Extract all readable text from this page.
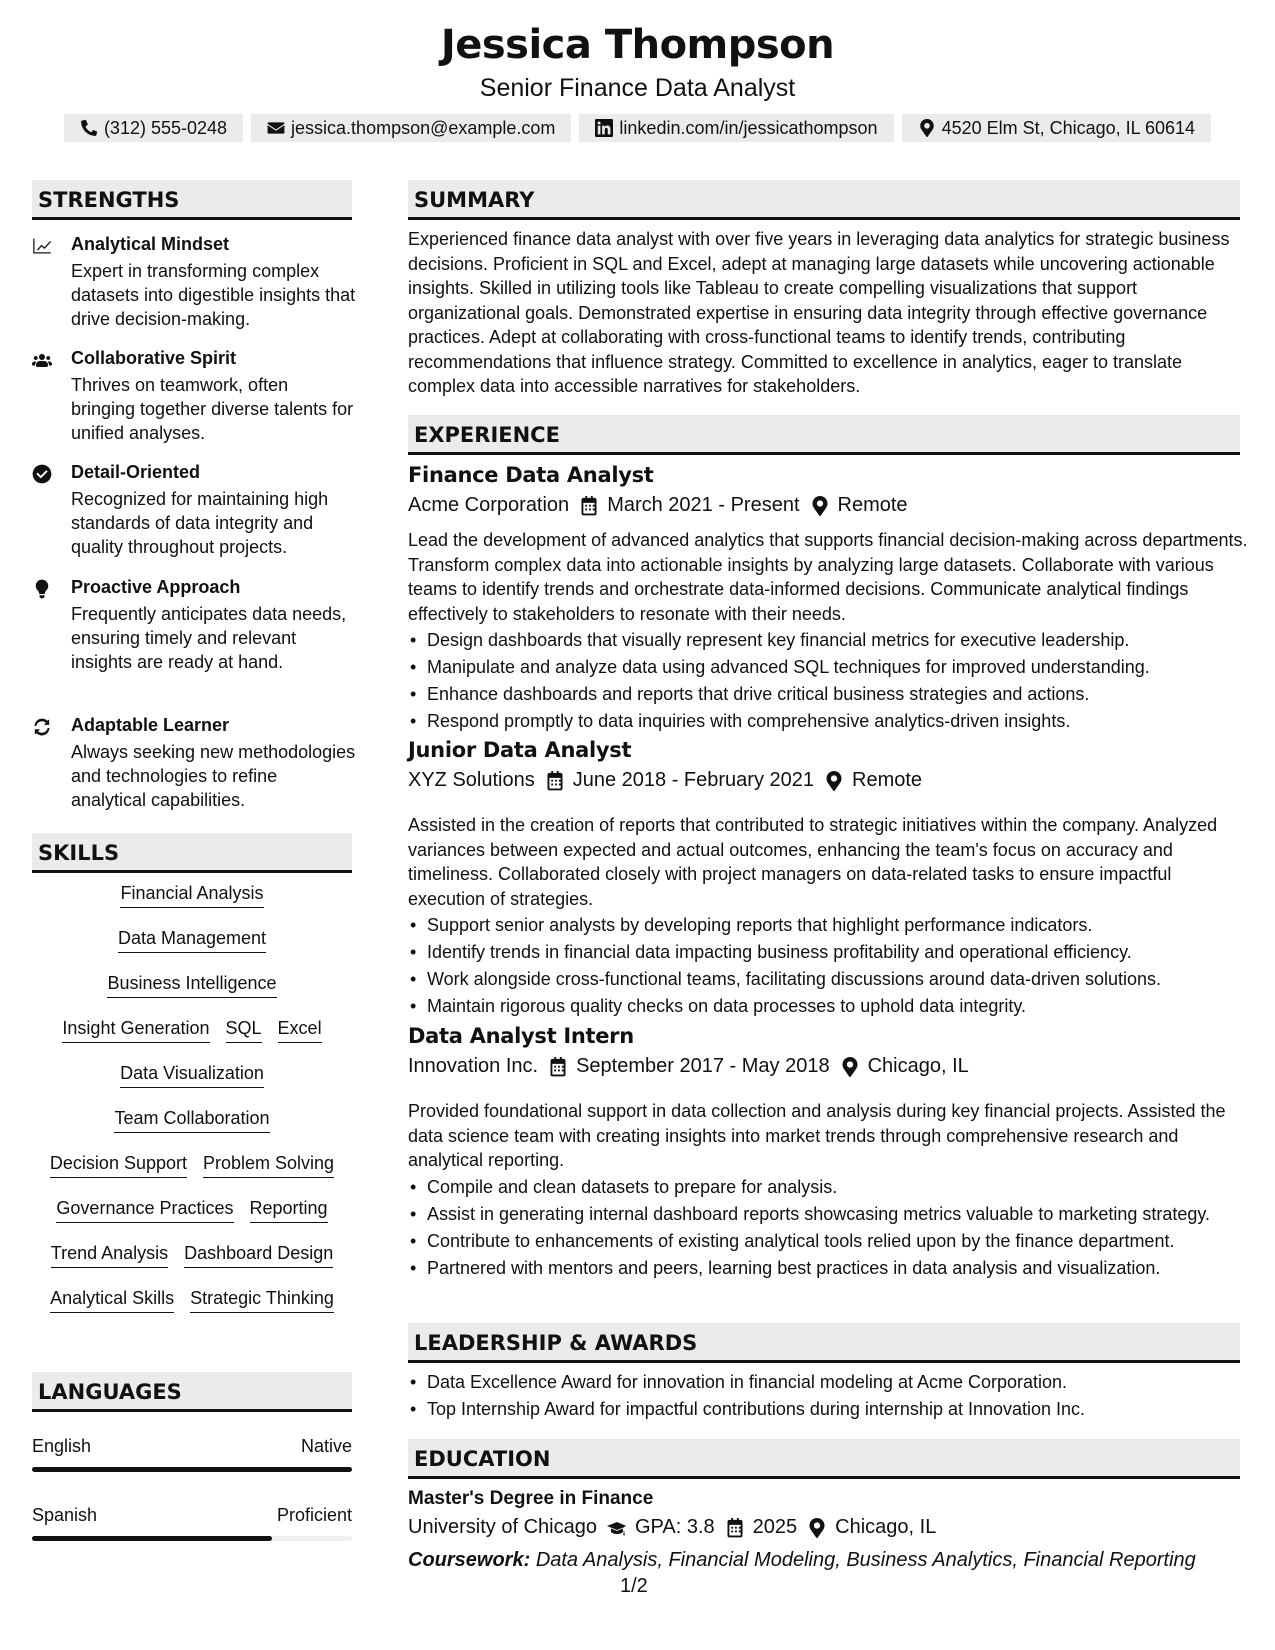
Jessica Thompson
Senior Finance Data Analyst
(312) 555-0248	jessica.thompson@example.com	linkedin.com/in/jessicathompson	4520 Elm St, Chicago, IL 60614
STRENGTHS
Analytical Mindset
Expert in transforming complex datasets into digestible insights that drive decision-making.
Collaborative Spirit
Thrives on teamwork, often bringing together diverse talents for unified analyses.
Detail-Oriented
Recognized for maintaining high standards of data integrity and quality throughout projects.
Proactive Approach
Frequently anticipates data needs, ensuring timely and relevant insights are ready at hand.
Adaptable Learner
Always seeking new methodologies and technologies to refine analytical capabilities.
SKILLS
Financial Analysis
Data Management
Business Intelligence
Insight Generation SQL Excel
Data Visualization
Team Collaboration
Decision Support Problem Solving
Governance Practices Reporting
Trend Analysis Dashboard Design
Analytical Skills Strategic Thinking
LANGUAGES
English	Native
Spanish	Proficient
SUMMARY
Experienced finance data analyst with over five years in leveraging data analytics for strategic business decisions. Proficient in SQL and Excel, adept at managing large datasets while uncovering actionable insights. Skilled in utilizing tools like Tableau to create compelling visualizations that support organizational goals. Demonstrated expertise in ensuring data integrity through effective governance practices. Adept at collaborating with cross-functional teams to identify trends, contributing recommendations that influence strategy. Committed to excellence in analytics, eager to translate complex data into accessible narratives for stakeholders.
EXPERIENCE
Finance Data Analyst
Acme Corporation March 2021 - Present Remote
Lead the development of advanced analytics that supports financial decision-making across departments. Transform complex data into actionable insights by analyzing large datasets. Collaborate with various teams to identify trends and orchestrate data-informed decisions. Communicate analytical findings effectively to stakeholders to resonate with their needs.
• Design dashboards that visually represent key financial metrics for executive leadership.
• Manipulate and analyze data using advanced SQL techniques for improved understanding.
• Enhance dashboards and reports that drive critical business strategies and actions.
• Respond promptly to data inquiries with comprehensive analytics-driven insights.
Junior Data Analyst
XYZ Solutions June 2018 - February 2021 Remote
Assisted in the creation of reports that contributed to strategic initiatives within the company. Analyzed variances between expected and actual outcomes, enhancing the team's focus on accuracy and timeliness. Collaborated closely with project managers on data-related tasks to ensure impactful execution of strategies.
• Support senior analysts by developing reports that highlight performance indicators.
• Identify trends in financial data impacting business profitability and operational efficiency.
• Work alongside cross-functional teams, facilitating discussions around data-driven solutions.
• Maintain rigorous quality checks on data processes to uphold data integrity.
Data Analyst Intern
Innovation Inc. September 2017 - May 2018 Chicago, IL
Provided foundational support in data collection and analysis during key financial projects. Assisted the data science team with creating insights into market trends through comprehensive research and analytical reporting.
• Compile and clean datasets to prepare for analysis.
• Assist in generating internal dashboard reports showcasing metrics valuable to marketing strategy.
• Contribute to enhancements of existing analytical tools relied upon by the finance department.
• Partnered with mentors and peers, learning best practices in data analysis and visualization.
LEADERSHIP & AWARDS
• Data Excellence Award for innovation in financial modeling at Acme Corporation.
• Top Internship Award for impactful contributions during internship at Innovation Inc.
EDUCATION
Master's Degree in Finance
University of Chicago GPA: 3.8 2025 Chicago, IL
Coursework: Data Analysis, Financial Modeling, Business Analytics, Financial Reporting
1/2
